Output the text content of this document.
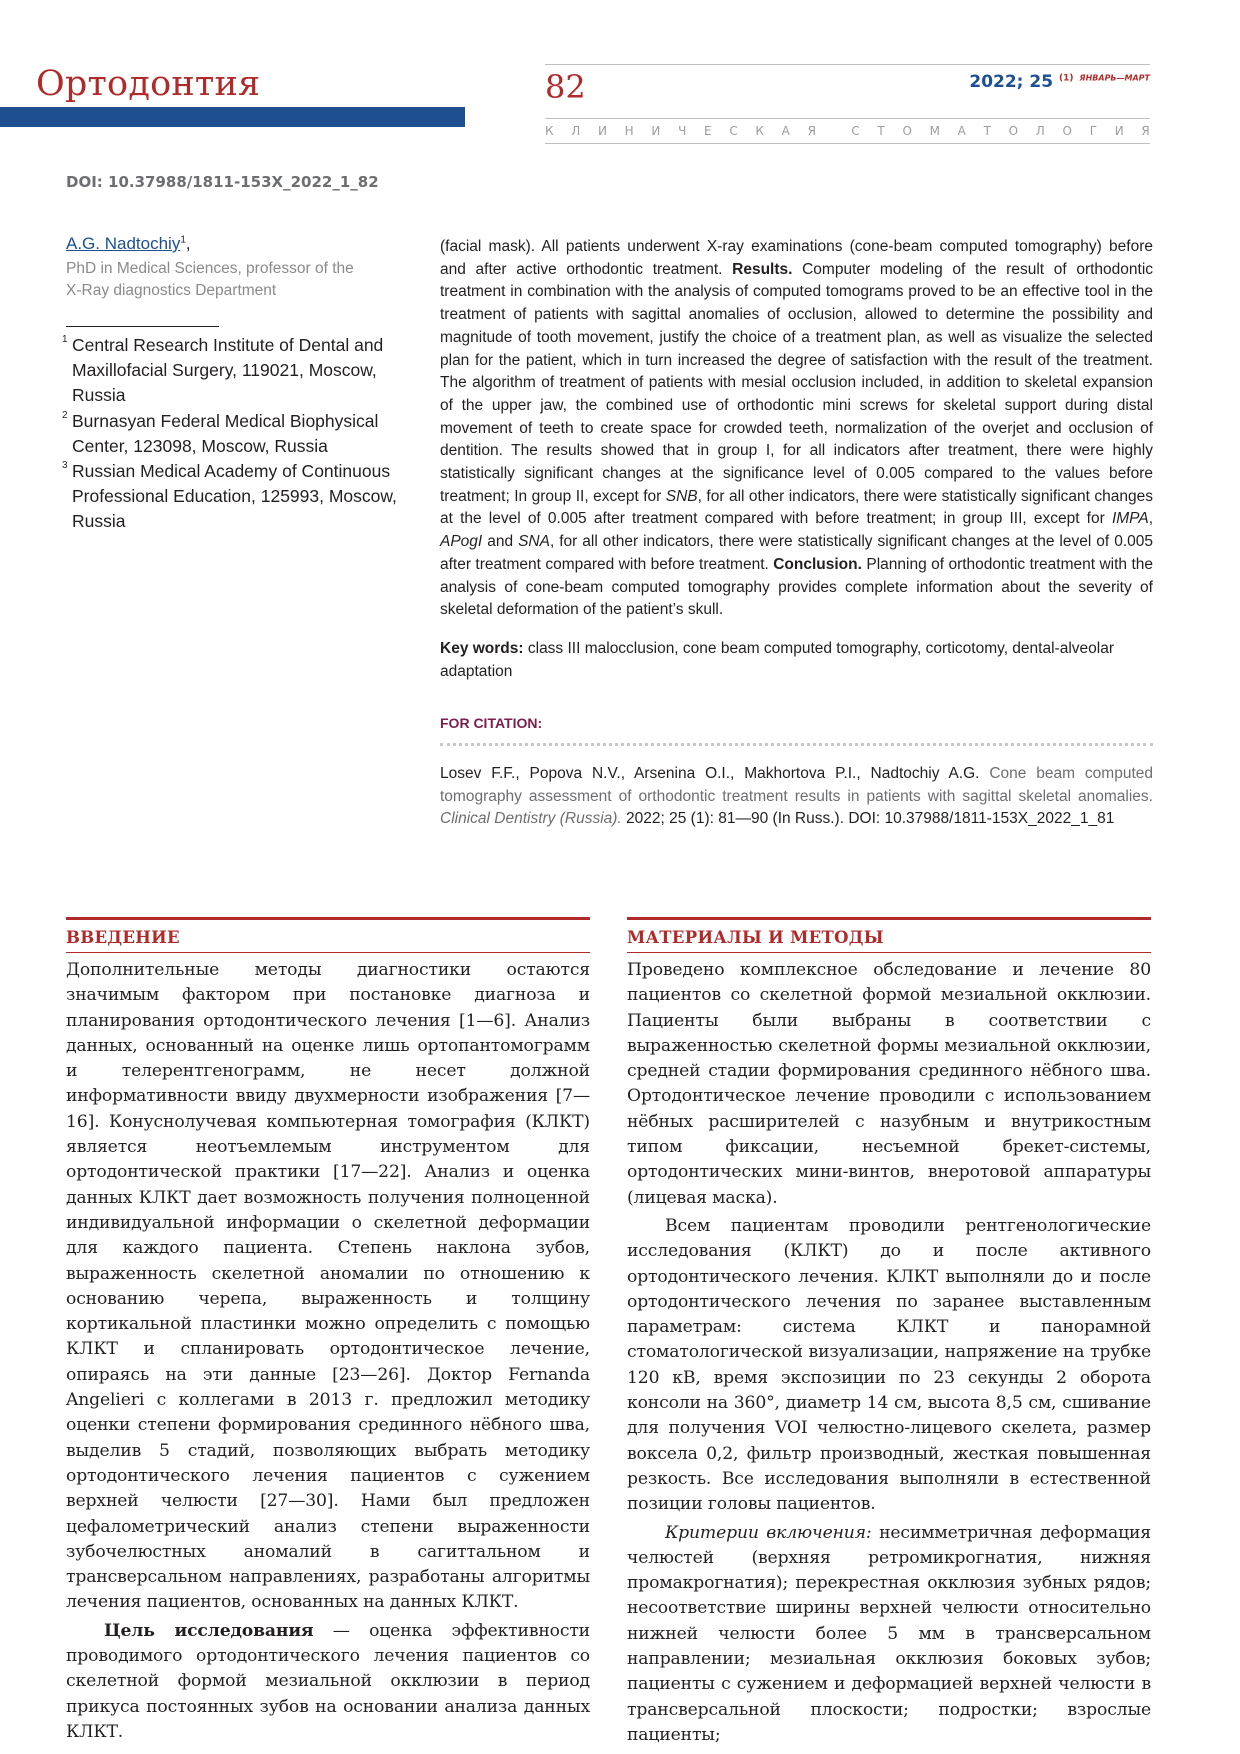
Ортодонтия	82	2022; 25 $^{(1)}$ $^{ЯНВАРЬ—МАРТ}$
К Л И Н И Ч Е С К А Я	С Т О М А Т О Л О Г И Я
DOI: 10.37988/1811-153X_2022_1_82
A.G. Nadtochiy$^1$,
PhD in Medical Sciences, professor of the X-Ray diagnostics Department
1 Central Research Institute of Dental and Maxillofacial Surgery, 119021, Moscow, Russia
2 Burnasyan Federal Medical Biophysical Center, 123098, Moscow, Russia
3 Russian Medical Academy of Continuous Professional Education, 125993, Moscow, Russia
(facial mask). All patients underwent X-ray examinations (cone-beam computed tomography) before and after active orthodontic treatment. Results. Computer modeling of the result of orthodontic treatment in combination with the analysis of computed tomograms proved to be an effective tool in the treatment of patients with sagittal anomalies of occlusion, allowed to determine the possibility and magnitude of tooth movement, justify the choice of a treatment plan, as well as visualize the selected plan for the patient, which in turn increased the degree of satisfaction with the result of the treatment. The algorithm of treatment of patients with mesial occlusion included, in addition to skeletal expansion of the upper jaw, the combined use of orthodontic mini screws for skeletal support during distal movement of teeth to create space for crowded teeth, normalization of the overjet and occlusion of dentition. The results showed that in group I, for all indicators after treatment, there were highly statistically significant changes at the significance level of 0.005 compared to the values before treatment; In group II, except for SNB, for all other indicators, there were statistically significant changes at the level of 0.005 after treatment compared with before treatment; in group III, except for IMPA, APogI and SNA, for all other indicators, there were statistically significant changes at the level of 0.005 after treatment compared with before treatment. Conclusion. Planning of orthodontic treatment with the analysis of cone-beam computed tomography provides complete information about the severity of skeletal deformation of the patient’s skull.
Key words: class III malocclusion, cone beam computed tomography, corticotomy, dental-alveolar adaptation
FOR CITATION:
Losev F.F., Popova N.V., Arsenina O.I., Makhortova P.I., Nadtochiy A.G. Cone beam computed tomography assessment of orthodontic treatment results in patients with sagittal skeletal anomalies. Clinical Dentistry (Russia). 2022; 25 (1): 81—90 (In Russ.). DOI: 10.37988/1811-153X_2022_1_81
ВВЕДЕНИЕ

Дополнительные методы диагностики остаются значимым фактором при постановке диагноза и планирования ортодонтического лечения [1—6]. Анализ данных, основанный на оценке лишь ортопантомограмм и телерентгенограмм, не несет должной информативности ввиду двухмерности изображения [7—16]. Конуснолучевая компьютерная томография (КЛКТ) является неотъемлемым инструментом для ортодонтической практики [17—22]. Анализ и оценка данных КЛКТ дает возможность получения полноценной индивидуальной информации о скелетной деформации для каждого пациента. Степень наклона зубов, выраженность скелетной аномалии по отношению к основанию черепа, выраженность и толщину кортикальной пластинки можно определить с помощью КЛКТ и спланировать ортодонтическое лечение, опираясь на эти данные [23—26]. Доктор Fernanda Angelieri с коллегами в 2013 г. предложил методику оценки степени формирования срединного нёбного шва, выделив 5 стадий, позволяющих выбрать методику ортодонтического лечения пациентов с сужением верхней челюсти [27—30]. Нами был предложен цефалометрический анализ степени выраженности зубочелюстных аномалий в сагиттальном и трансверсальном направлениях, разработаны алгоритмы лечения пациентов, основанных на данных КЛКТ.

Цель исследования — оценка эффективности проводимого ортодонтического лечения пациентов со скелетной формой мезиальной окклюзии в период прикуса постоянных зубов на основании анализа данных КЛКТ.

МАТЕРИАЛЫ И МЕТОДЫ

Проведено комплексное обследование и лечение 80 пациентов со скелетной формой мезиальной окклюзии. Пациенты были выбраны в соответствии с выраженностью скелетной формы мезиальной окклюзии, средней стадии формирования срединного нёбного шва. Ортодонтическое лечение проводили с использованием нёбных расширителей с назубным и внутрикостным типом фиксации, несъемной брекет-системы, ортодонтических мини-винтов, внеротовой аппаратуры (лицевая маска).

Всем пациентам проводили рентгенологические исследования (КЛКТ) до и после активного ортодонтического лечения. КЛКТ выполняли до и после ортодонтического лечения по заранее выставленным параметрам: система КЛКТ и панорамной стоматологической визуализации, напряжение на трубке 120 кВ, время экспозиции по 23 секунды 2 оборота консоли на 360°, диаметр 14 см, высота 8,5 см, сшивание для получения VOI челюстно-лицевого скелета, размер воксела 0,2, фильтр производный, жесткая повышенная резкость. Все исследования выполняли в естественной позиции головы пациентов.

Критерии включения: несимметричная деформация челюстей (верхняя ретромикрогнатия, нижняя промакрогнатия); перекрестная окклюзия зубных рядов; несоответствие ширины верхней челюсти относительно нижней челюсти более 5 мм в трансверсальном направлении; мезиальная окклюзия боковых зубов; пациенты с сужением и деформацией верхней челюсти в трансверсальной плоскости; подростки; взрослые пациенты;
